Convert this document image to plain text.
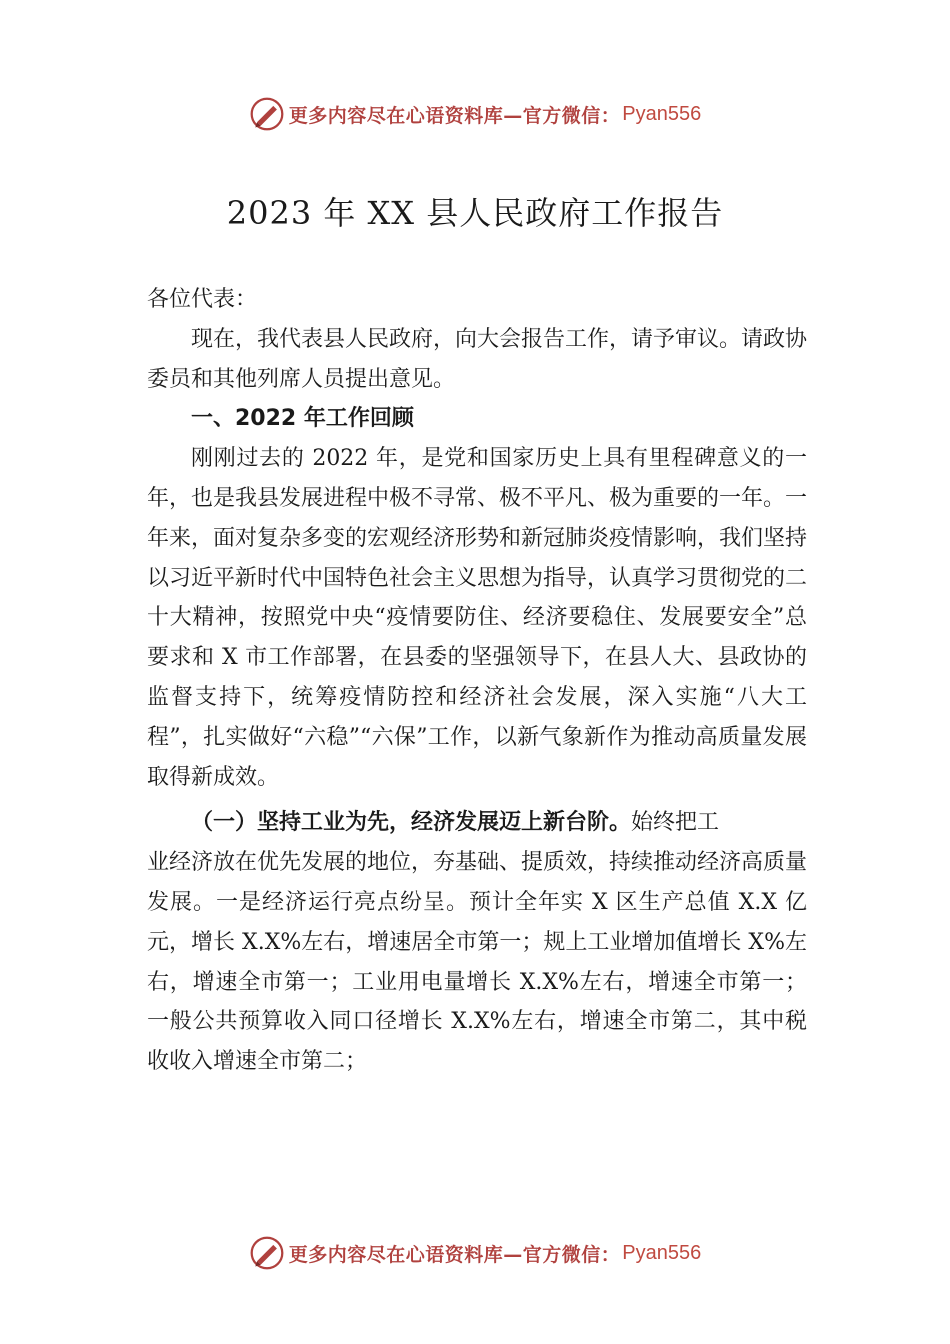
更多内容尽在心语资料库—官方微信： Pyan556
2023 年 XX 县人民政府工作报告

各位代表：

现在，我代表县人民政府，向大会报告工作，请予审议。请政协委员和其他列席人员提出意见。

一、2022 年工作回顾

刚刚过去的 2022 年，是党和国家历史上具有里程碑意义的一年，也是我县发展进程中极不寻常、极不平凡、极为重要的一年。一年来，面对复杂多变的宏观经济形势和新冠肺炎疫情影响，我们坚持以习近平新时代中国特色社会主义思想为指导，认真学习贯彻党的二十大精神，按照党中央“疫情要防住、经济要稳住、发展要安全”总要求和 X 市工作部署，在县委的坚强领导下，在县人大、县政协的监督支持下，统筹疫情防控和经济社会发展，深入实施“八大工程”，扎实做好“六稳”“六保”工作，以新气象新作为推动高质量发展取得新成效。

（一）坚持工业为先，经济发展迈上新台阶。始终把工

业经济放在优先发展的地位，夯基础、提质效，持续推动经济高质量发展。一是经济运行亮点纷呈。预计全年实 X 区生产总值 X.X 亿元，增长 X.X%左右，增速居全市第一；规上工业增加值增长 X%左右，增速全市第一；工业用电量增长 X.X%左右，增速全市第一；一般公共预算收入同口径增长 X.X%左右，增速全市第二，其中税收收入增速全市第二；

更多内容尽在心语资料库—官方微信： Pyan556
